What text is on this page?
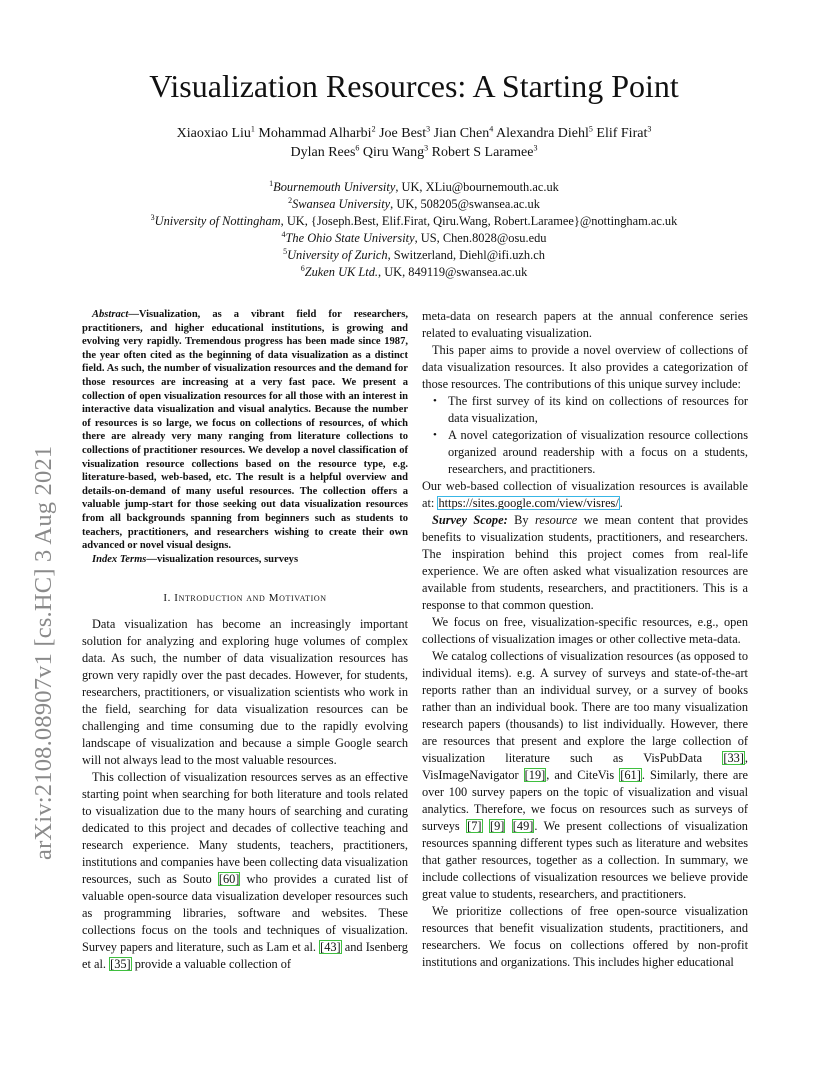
arXiv:2108.08907v1 [cs.HC] 3 Aug 2021
Visualization Resources: A Starting Point
Xiaoxiao Liu$^1$ Mohammad Alharbi$^2$ Joe Best$^3$ Jian Chen$^4$ Alexandra Diehl$^5$ Elif Firat$^3$
Dylan Rees$^6$ Qiru Wang$^3$ Robert S Laramee$^3$
$^1$Bournemouth University, UK, XLiu@bournemouth.ac.uk
$^2$Swansea University, UK, 508205@swansea.ac.uk
$^3$University of Nottingham, UK, {Joseph.Best, Elif.Firat, Qiru.Wang, Robert.Laramee}@nottingham.ac.uk
$^4$The Ohio State University, US, Chen.8028@osu.edu
$^5$University of Zurich, Switzerland, Diehl@ifi.uzh.ch
$^6$Zuken UK Ltd., UK, 849119@swansea.ac.uk

Abstract—Visualization, as a vibrant field for researchers, practitioners, and higher educational institutions, is growing and evolving very rapidly. Tremendous progress has been made since 1987, the year often cited as the beginning of data visualization as a distinct field. As such, the number of visualization resources and the demand for those resources are increasing at a very fast pace. We present a collection of open visualization resources for all those with an interest in interactive data visualization and visual analytics. Because the number of resources is so large, we focus on collections of resources, of which there are already very many ranging from literature collections to collections of practitioner resources. We develop a novel classification of visualization resource collections based on the resource type, e.g. literature-based, web-based, etc. The result is a helpful overview and details-on-demand of many useful resources. The collection offers a valuable jump-start for those seeking out data visualization resources from all backgrounds spanning from beginners such as students to teachers, practitioners, and researchers wishing to create their own advanced or novel visual designs.

Index Terms—visualization resources, surveys
I. Introduction and Motivation

Data visualization has become an increasingly important solution for analyzing and exploring huge volumes of complex data. As such, the number of data visualization resources has grown very rapidly over the past decades. However, for students, researchers, practitioners, or visualization scientists who work in the field, searching for data visualization resources can be challenging and time consuming due to the rapidly evolving landscape of visualization and because a simple Google search will not always lead to the most valuable resources.

This collection of visualization resources serves as an effective starting point when searching for both literature and tools related to visualization due to the many hours of searching and curating dedicated to this project and decades of collective teaching and research experience. Many students, teachers, practitioners, institutions and companies have been collecting data visualization resources, such as Souto [60] who provides a curated list of valuable open-source data visualization developer resources such as programming libraries, software and websites. These collections focus on the tools and techniques of visualization. Survey papers and literature, such as Lam et al. [43] and Isenberg et al. [35] provide a valuable collection of

meta-data on research papers at the annual conference series related to evaluating visualization.

This paper aims to provide a novel overview of collections of data visualization resources. It also provides a categorization of those resources. The contributions of this unique survey include:

• The first survey of its kind on collections of resources for data visualization,
• A novel categorization of visualization resource collections organized around readership with a focus on a students, researchers, and practitioners.

Our web-based collection of visualization resources is available at: https://sites.google.com/view/visres/.

Survey Scope: By resource we mean content that provides benefits to visualization students, practitioners, and researchers. The inspiration behind this project comes from real-life experience. We are often asked what visualization resources are available from students, researchers, and practitioners. This is a response to that common question.

We focus on free, visualization-specific resources, e.g., open collections of visualization images or other collective meta-data.

We catalog collections of visualization resources (as opposed to individual items). e.g. A survey of surveys and state-of-the-art reports rather than an individual survey, or a survey of books rather than an individual book. There are too many visualization research papers (thousands) to list individually. However, there are resources that present and explore the large collection of visualization literature such as VisPubData [33], VisImageNavigator [19], and CiteVis [61]. Similarly, there are over 100 survey papers on the topic of visualization and visual analytics. Therefore, we focus on resources such as surveys of surveys [7] [9] [49]. We present collections of visualization resources spanning different types such as literature and websites that gather resources, together as a collection. In summary, we include collections of visualization resources we believe provide great value to students, researchers, and practitioners.

We prioritize collections of free open-source visualization resources that benefit visualization students, practitioners, and researchers. We focus on collections offered by non-profit institutions and organizations. This includes higher educational
